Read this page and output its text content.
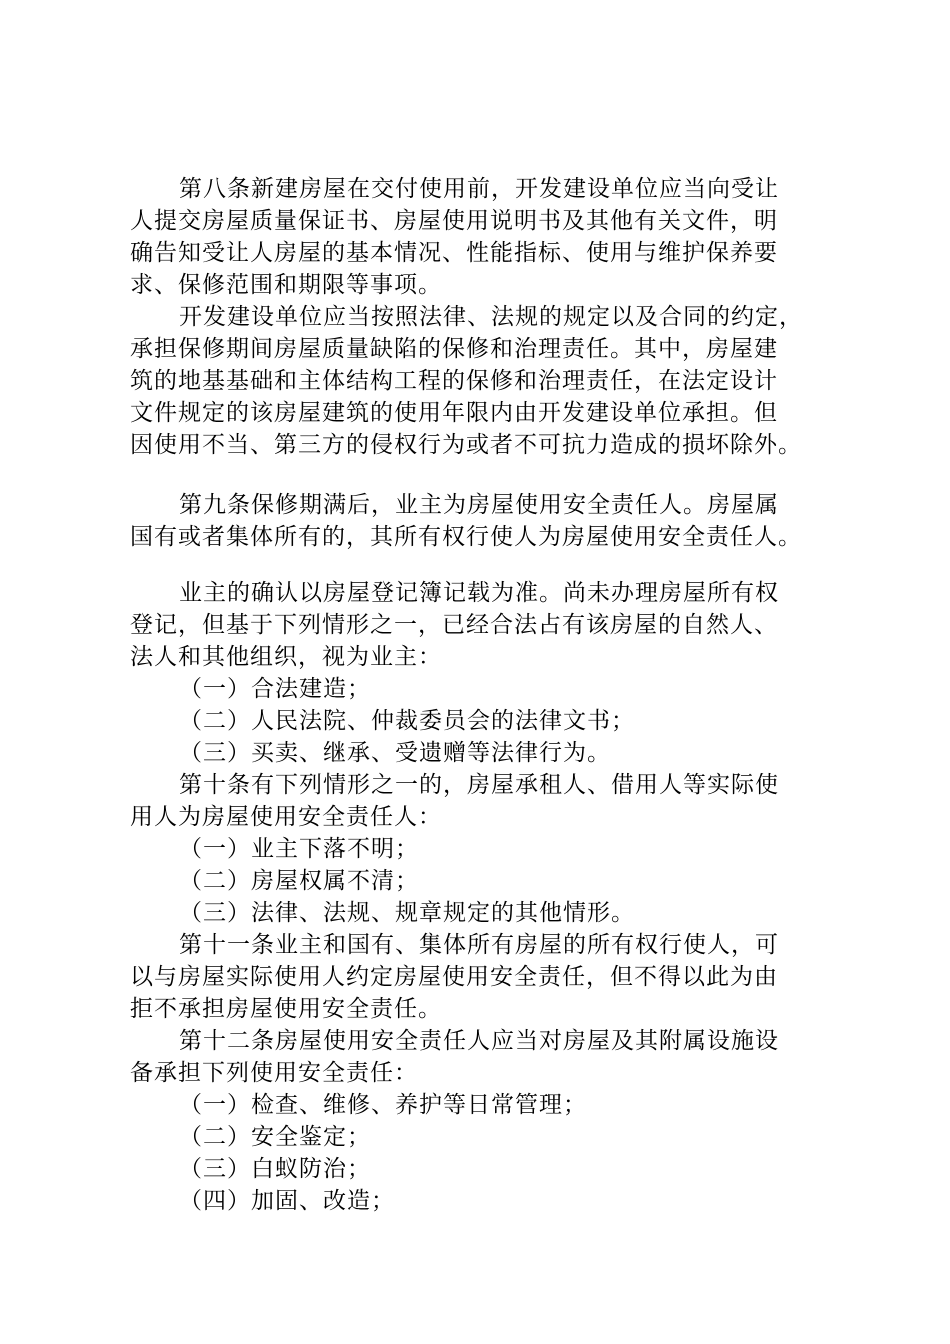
第八条新建房屋在交付使用前，开发建设单位应当向受让
人提交房屋质量保证书、房屋使用说明书及其他有关文件，明
确告知受让人房屋的基本情况、性能指标、使用与维护保养要
求、保修范围和期限等事项。
开发建设单位应当按照法律、法规的规定以及合同的约定，
承担保修期间房屋质量缺陷的保修和治理责任。其中，房屋建
筑的地基基础和主体结构工程的保修和治理责任，在法定设计
文件规定的该房屋建筑的使用年限内由开发建设单位承担。但
因使用不当、第三方的侵权行为或者不可抗力造成的损坏除外。
第九条保修期满后，业主为房屋使用安全责任人。房屋属
国有或者集体所有的，其所有权行使人为房屋使用安全责任人。
业主的确认以房屋登记簿记载为准。尚未办理房屋所有权
登记，但基于下列情形之一，已经合法占有该房屋的自然人、
法人和其他组织，视为业主：
（一）合法建造；
（二）人民法院、仲裁委员会的法律文书；
（三）买卖、继承、受遗赠等法律行为。
第十条有下列情形之一的，房屋承租人、借用人等实际使
用人为房屋使用安全责任人：
（一）业主下落不明；
（二）房屋权属不清；
（三）法律、法规、规章规定的其他情形。
第十一条业主和国有、集体所有房屋的所有权行使人，可
以与房屋实际使用人约定房屋使用安全责任，但不得以此为由
拒不承担房屋使用安全责任。
第十二条房屋使用安全责任人应当对房屋及其附属设施设
备承担下列使用安全责任：
（一）检查、维修、养护等日常管理；
（二）安全鉴定；
（三）白蚁防治；
（四）加固、改造；
